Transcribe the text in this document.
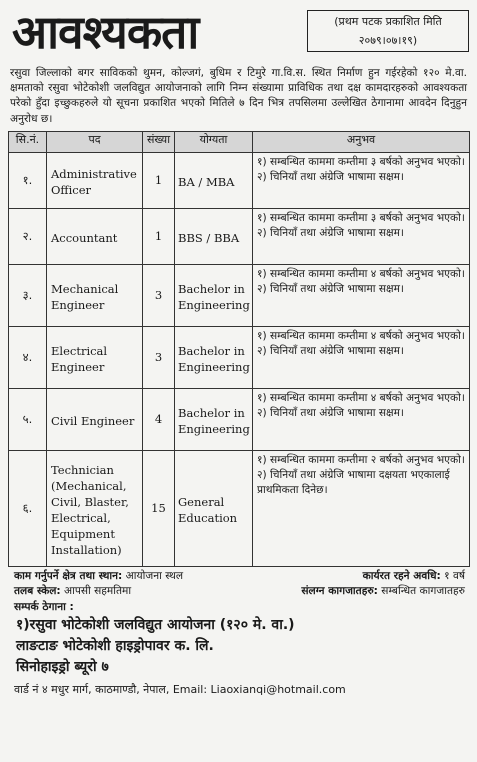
आवश्यकता	(प्रथम पटक प्रकाशित मिति
२०७९।०७।१९)
रसुवा जिल्लाको बगर साविकको थुमन, कोल्जगं, बुधिम र टिमुरे गा.वि.स. स्थित निर्माण हुन गईरहेको १२० मे.वा. क्षमताको रसुवा भोटेकोशी जलविद्युत आयोजनाको लागि निम्न संख्यामा प्राविधिक तथा दक्ष कामदारहरुको आवश्यकता परेको हुँदा इच्छुकहरुले यो सूचना प्रकाशित भएको मितिले ७ दिन भित्र तपसिलमा उल्लेखित ठेगानामा आवदेन दिनुहुन अनुरोध छ।
सि.नं.	पद	संख्या	योग्यता	अनुभव
१.	Administrative Officer	1	BA / MBA	१) सम्बन्धित काममा कम्तीमा ३ बर्षको अनुभव भएको।
२) चिनियाँ तथा अंग्रेजि भाषामा सक्षम।

२.	Accountant	1	BBS / BBA	१) सम्बन्धित काममा कम्तीमा ३ बर्षको अनुभव भएको।
२) चिनियाँ तथा अंग्रेजि भाषामा सक्षम।

३.	Mechanical Engineer	3	Bachelor in Engineering	१) सम्बन्धित काममा कम्तीमा ४ बर्षको अनुभव भएको।
२) चिनियाँ तथा अंग्रेजि भाषामा सक्षम।

४.	Electrical Engineer	3	Bachelor in Engineering	१) सम्बन्धित काममा कम्तीमा ४ बर्षको अनुभव भएको।
२) चिनियाँ तथा अंग्रेजि भाषामा सक्षम।

५.	Civil Engineer	4	Bachelor in Engineering	१) सम्बन्धित काममा कम्तीमा ४ बर्षको अनुभव भएको।
२) चिनियाँ तथा अंग्रेजि भाषामा सक्षम।

६.	Technician (Mechanical, Civil, Blaster, Electrical, Equipment Installation)	15	General Education	१) सम्बन्धित काममा कम्तीमा २ बर्षको अनुभव भएको।
२) चिनियाँ तथा अंग्रेजि भाषामा दक्षयता भएकालाई प्राथमिकता दिनेछ।
काम गर्नुपर्ने क्षेत्र तथा स्थान: आयोजना स्थल	कार्यरत रहने अवधि: १ वर्ष
तलब स्केल: आपसी सहमतिमा	संलग्न कागजातहरु: सम्बन्धित कागजातहरु
सम्पर्क ठेगाना :
१)रसुवा भोटेकोशी जलविद्युत आयोजना (१२० मे. वा.)
लाङटाङ भोटेकोशी हाइड्रोपावर क. लि.
सिनोहाइड्रो ब्यूरो ७
वार्ड नं ४ मधुर मार्ग, काठमाण्डौ, नेपाल, Email: Liaoxianqi@hotmail.com
